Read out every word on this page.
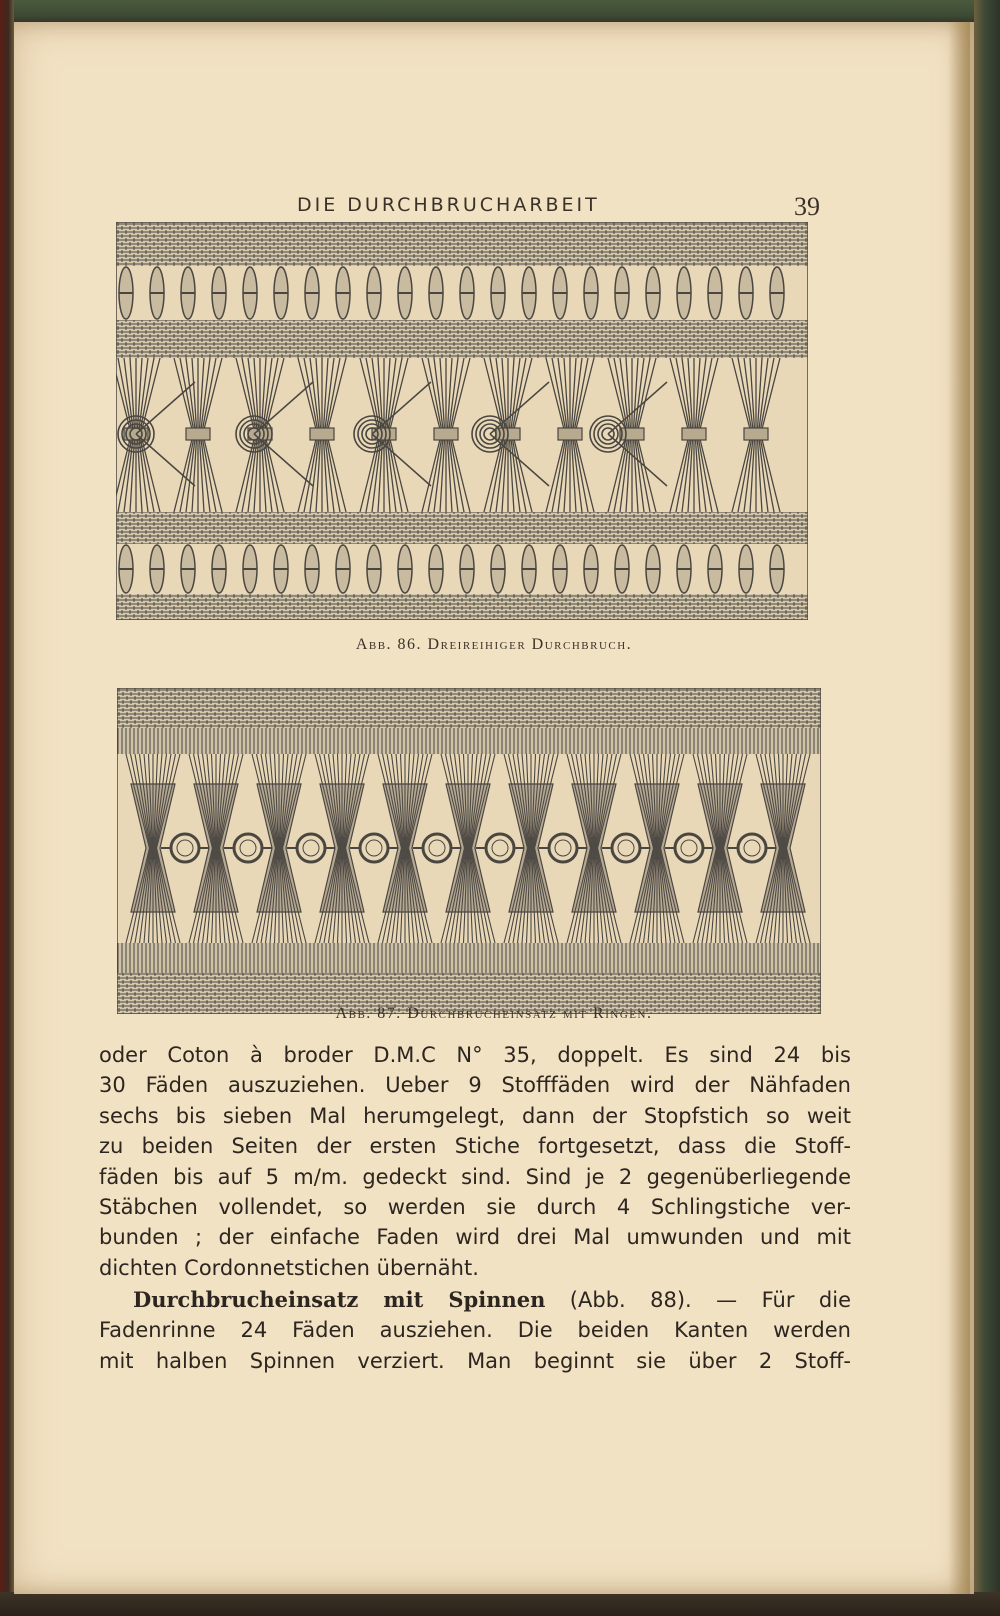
DIE DURCHBRUCHARBEIT	39
Abb. 86. Dreireihiger Durchbruch.
Abb. 87. Durchbrucheinsatz mit Ringen.
oder Coton à broder D.M.C N° 35, doppelt. Es sind 24 bis
30 Fäden auszuziehen. Ueber 9 Stofffäden wird der Nähfaden
sechs bis sieben Mal herumgelegt, dann der Stopfstich so weit
zu beiden Seiten der ersten Stiche fortgesetzt, dass die Stoff-
fäden bis auf 5 m/m. gedeckt sind. Sind je 2 gegenüberliegende
Stäbchen vollendet, so werden sie durch 4 Schlingstiche ver-
bunden ; der einfache Faden wird drei Mal umwunden und mit
dichten Cordonnetstichen übernäht.
Durchbrucheinsatz mit Spinnen (Abb. 88). — Für die
Fadenrinne 24 Fäden ausziehen. Die beiden Kanten werden
mit halben Spinnen verziert. Man beginnt sie über 2 Stoff-
